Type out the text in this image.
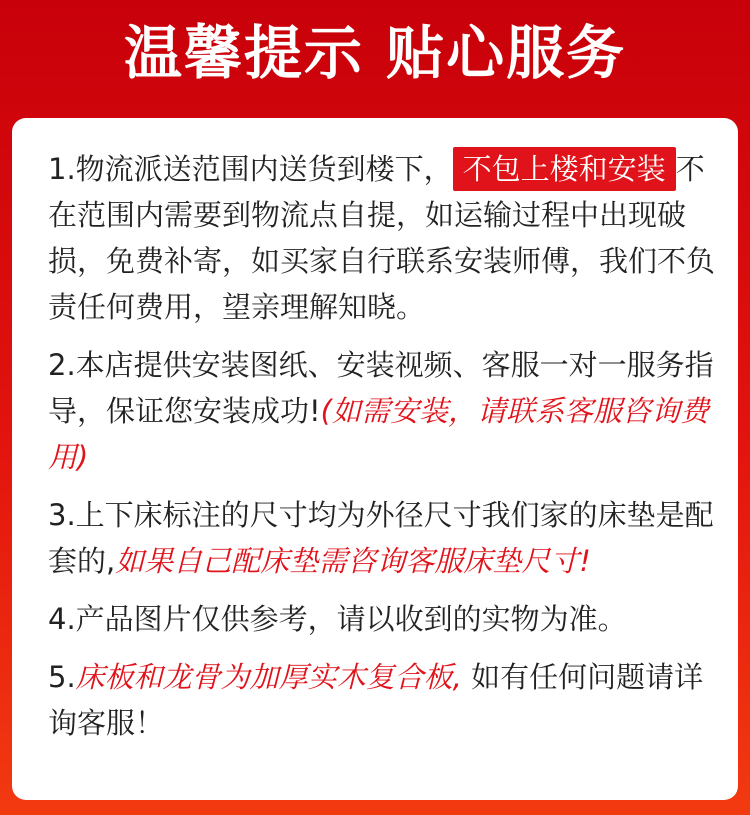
温馨提示 贴心服务

1.物流派送范围内送货到楼下， 不包上楼和安装 不在范围内需要到物流点自提，如运输过程中出现破损，免费补寄，如买家自行联系安装师傅，我们不负责任何费用，望亲理解知晓。

2.本店提供安装图纸、安装视频、客服一对一服务指导，保证您安装成功!(如需安装，请联系客服咨询费用)

3.上下床标注的尺寸均为外径尺寸我们家的床垫是配套的,如果自己配床垫需咨询客服床垫尺寸!

4.产品图片仅供参考，请以收到的实物为准。

5.床板和龙骨为加厚实木复合板, 如有任何问题请详询客服！
